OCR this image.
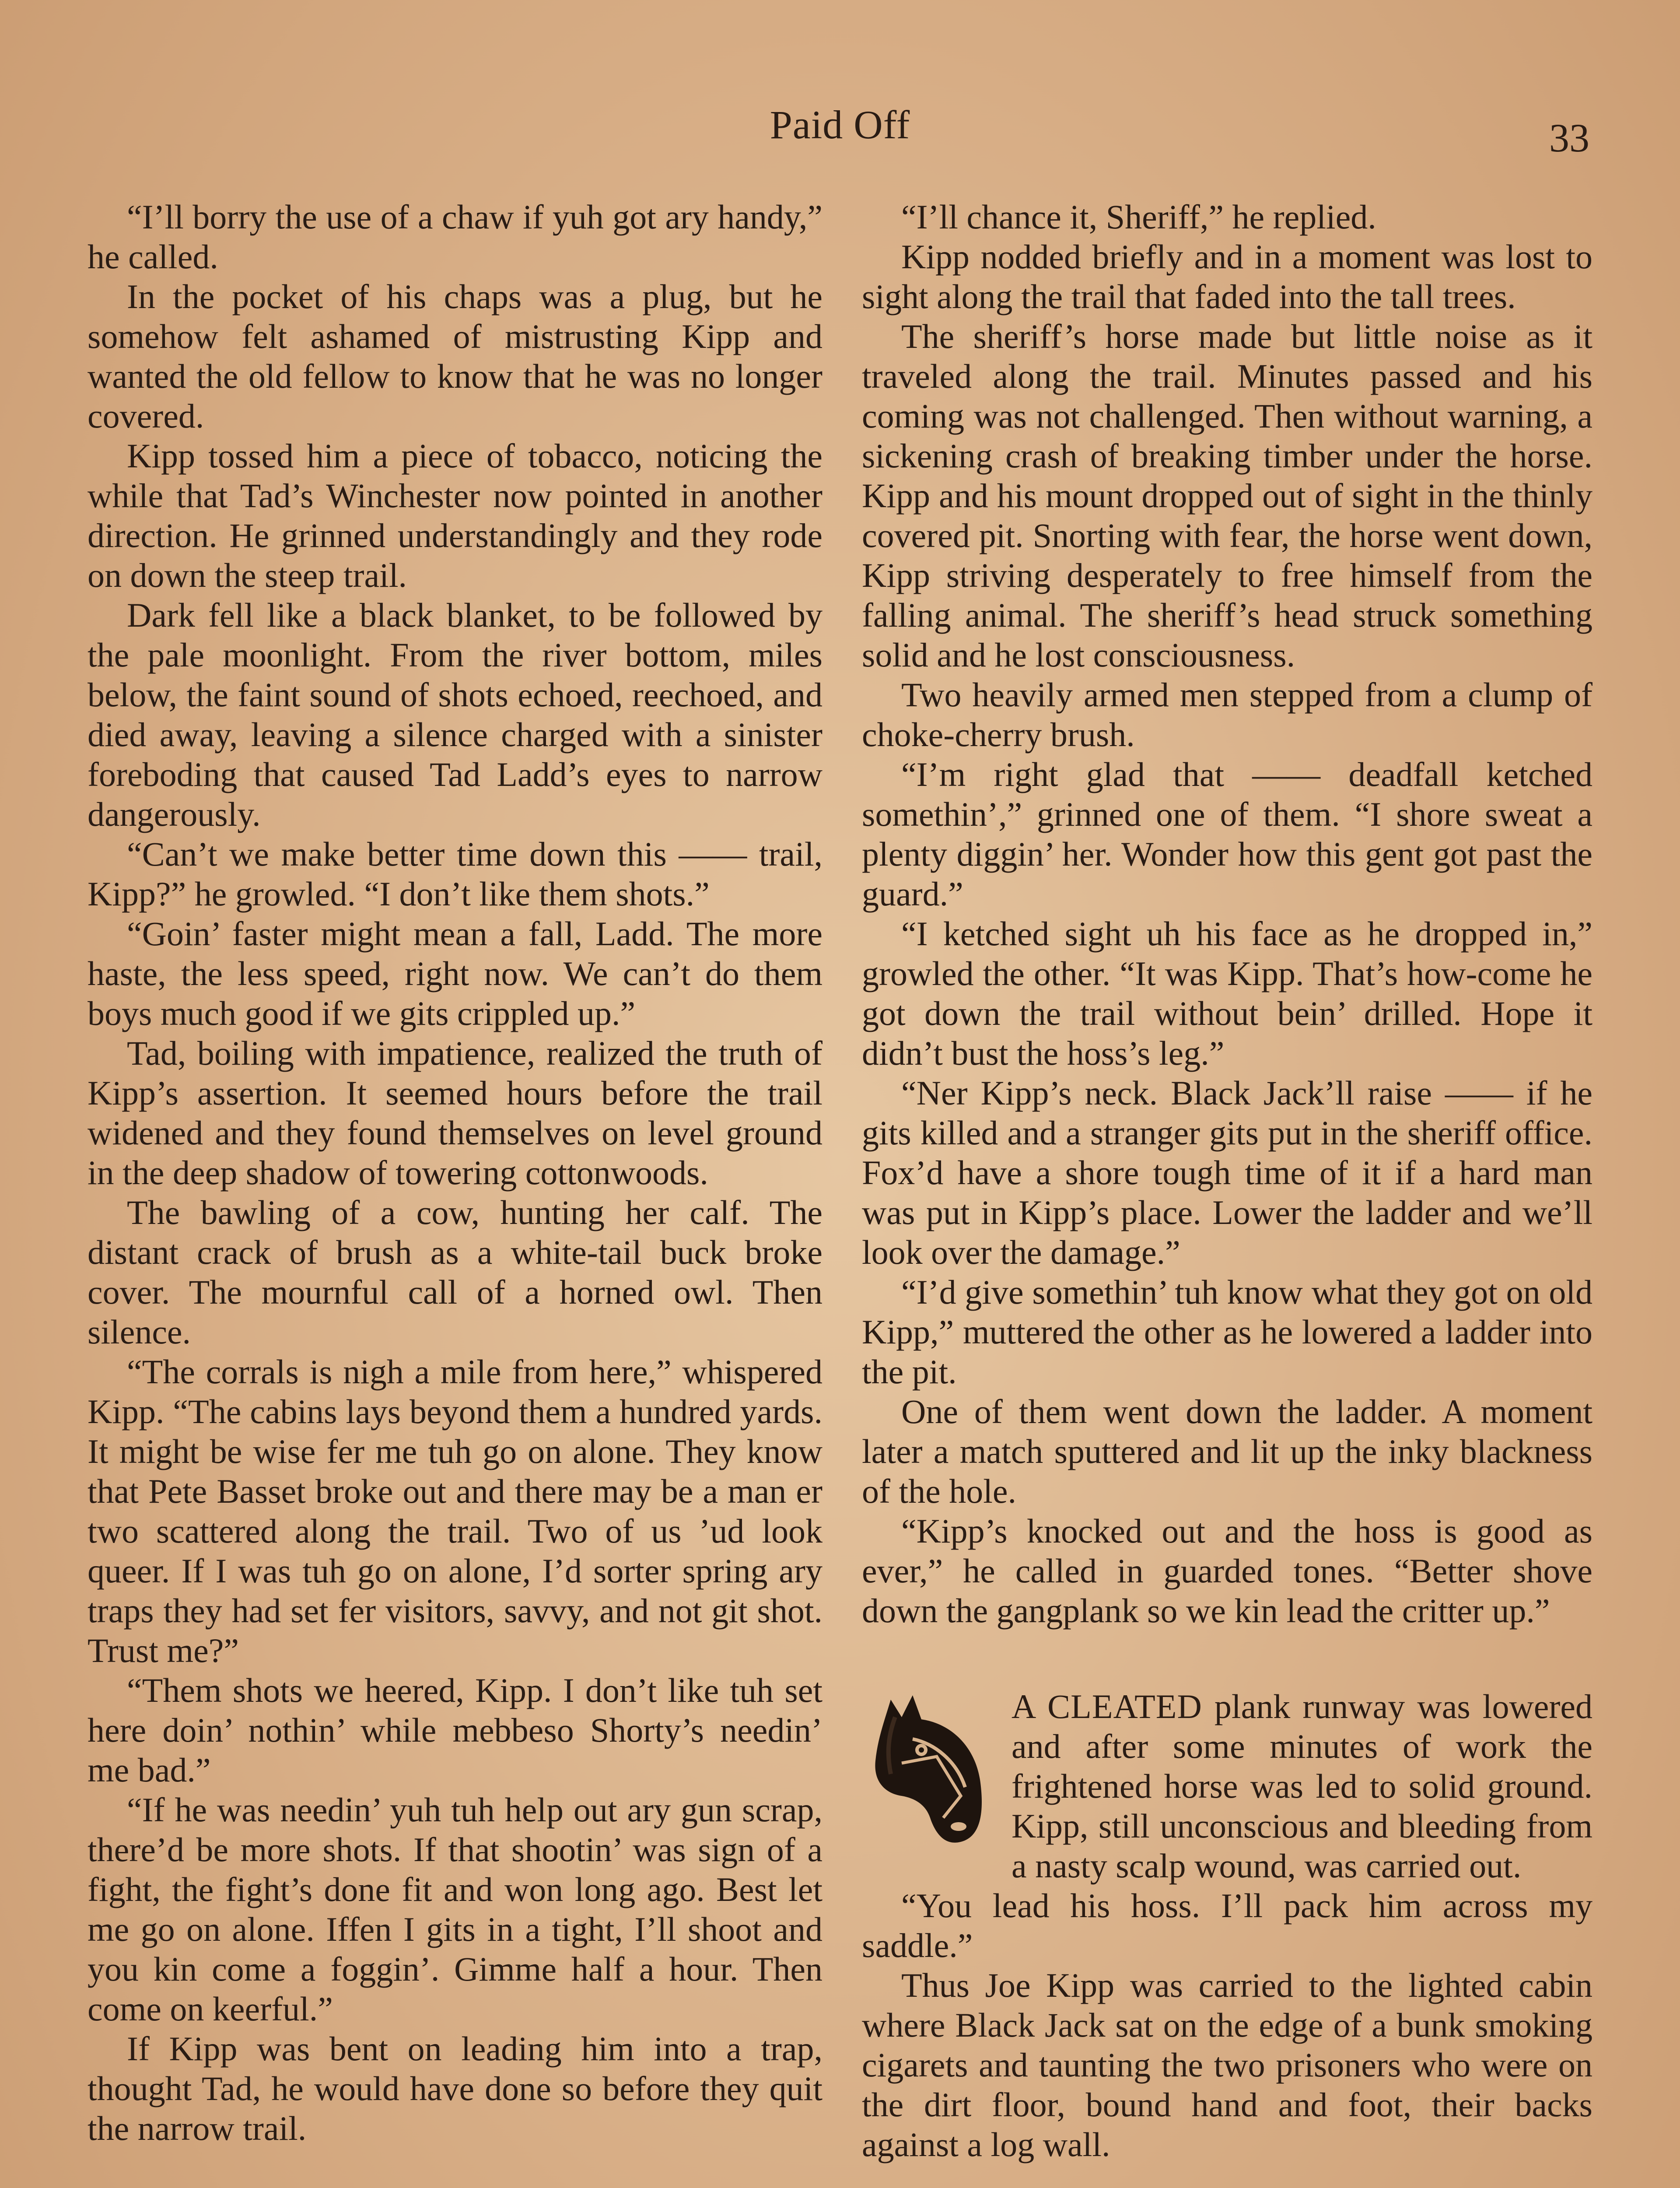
Paid Off	33

“I’ll borry the use of a chaw if yuh got ary handy,” he called.

In the pocket of his chaps was a plug, but he somehow felt ashamed of mistrusting Kipp and wanted the old fellow to know that he was no longer covered.

Kipp tossed him a piece of tobacco, noticing the while that Tad’s Winchester now pointed in another direction. He grinned understandingly and they rode on down the steep trail.

Dark fell like a black blanket, to be followed by the pale moonlight. From the river bottom, miles below, the faint sound of shots echoed, reechoed, and died away, leaving a silence charged with a sinister foreboding that caused Tad Ladd’s eyes to narrow dangerously.

“Can’t we make better time down this —— trail, Kipp?” he growled. “I don’t like them shots.”

“Goin’ faster might mean a fall, Ladd. The more haste, the less speed, right now. We can’t do them boys much good if we gits crippled up.”

Tad, boiling with impatience, realized the truth of Kipp’s assertion. It seemed hours before the trail widened and they found themselves on level ground in the deep shadow of towering cottonwoods.

The bawling of a cow, hunting her calf. The distant crack of brush as a white-tail buck broke cover. The mournful call of a horned owl. Then silence.

“The corrals is nigh a mile from here,” whispered Kipp. “The cabins lays beyond them a hundred yards. It might be wise fer me tuh go on alone. They know that Pete Basset broke out and there may be a man er two scattered along the trail. Two of us ’ud look queer. If I was tuh go on alone, I’d sorter spring ary traps they had set fer visitors, savvy, and not git shot. Trust me?”

“Them shots we heered, Kipp. I don’t like tuh set here doin’ nothin’ while mebbeso Shorty’s needin’ me bad.”

“If he was needin’ yuh tuh help out ary gun scrap, there’d be more shots. If that shootin’ was sign of a fight, the fight’s done fit and won long ago. Best let me go on alone. Iffen I gits in a tight, I’ll shoot and you kin come a foggin’. Gimme half a hour. Then come on keerful.”

If Kipp was bent on leading him into a trap, thought Tad, he would have done so before they quit the narrow trail.

“I’ll chance it, Sheriff,” he replied.

Kipp nodded briefly and in a moment was lost to sight along the trail that faded into the tall trees.

The sheriff’s horse made but little noise as it traveled along the trail. Minutes passed and his coming was not challenged. Then without warning, a sickening crash of breaking timber under the horse. Kipp and his mount dropped out of sight in the thinly covered pit. Snorting with fear, the horse went down, Kipp striving desperately to free himself from the falling animal. The sheriff’s head struck something solid and he lost consciousness.

Two heavily armed men stepped from a clump of choke-cherry brush.

“I’m right glad that —— deadfall ketched somethin’,” grinned one of them. “I shore sweat a plenty diggin’ her. Wonder how this gent got past the guard.”

“I ketched sight uh his face as he dropped in,” growled the other. “It was Kipp. That’s how-come he got down the trail without bein’ drilled. Hope it didn’t bust the hoss’s leg.”

“Ner Kipp’s neck. Black Jack’ll raise —— if he gits killed and a stranger gits put in the sheriff office. Fox’d have a shore tough time of it if a hard man was put in Kipp’s place. Lower the ladder and we’ll look over the damage.”

“I’d give somethin’ tuh know what they got on old Kipp,” muttered the other as he lowered a ladder into the pit.

One of them went down the ladder. A moment later a match sputtered and lit up the inky blackness of the hole.

“Kipp’s knocked out and the hoss is good as ever,” he called in guarded tones. “Better shove down the gangplank so we kin lead the critter up.”

A CLEATED plank runway was lowered and after some minutes of work the frightened horse was led to solid ground. Kipp, still unconscious and bleeding from a nasty scalp wound, was carried out.

“You lead his hoss. I’ll pack him across my saddle.”

Thus Joe Kipp was carried to the lighted cabin where Black Jack sat on the edge of a bunk smoking cigarets and taunting the two prisoners who were on the dirt floor, bound hand and foot, their backs against a log wall.
